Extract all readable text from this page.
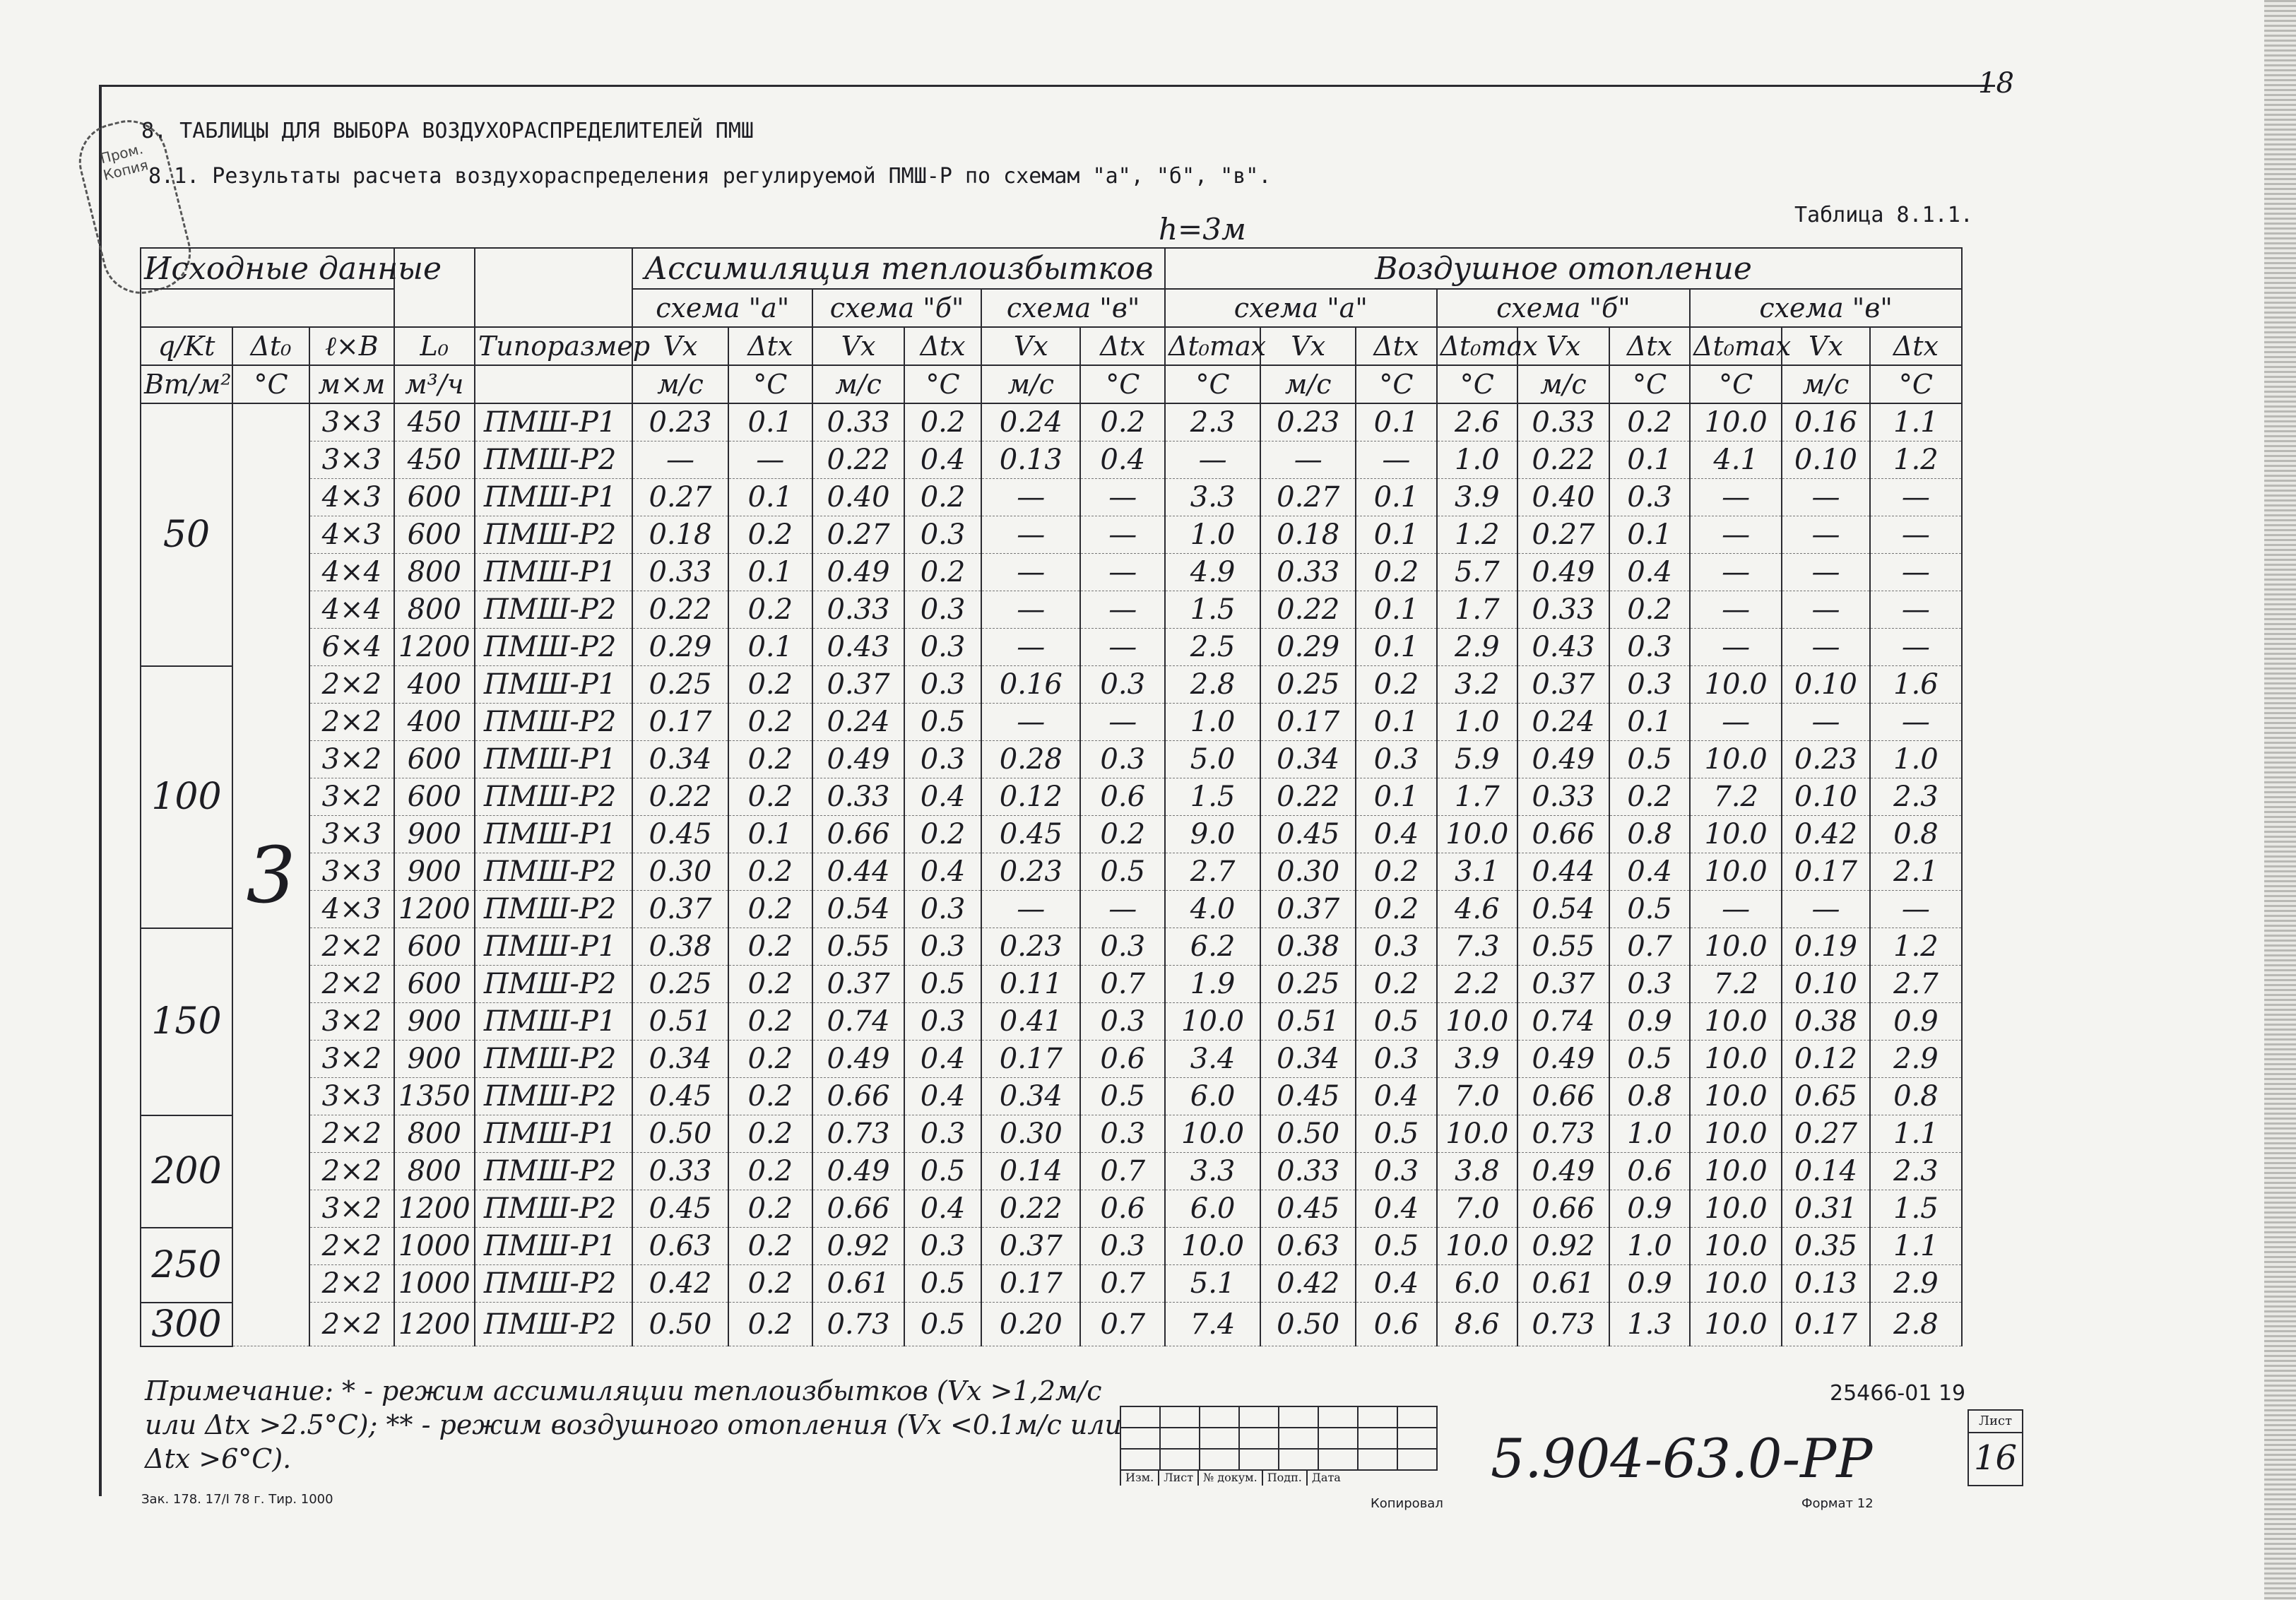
18
Пром. Копия
8. ТАБЛИЦЫ ДЛЯ ВЫБОРА ВОЗДУХОРАСПРЕДЕЛИТЕЛЕЙ ПМШ
8.1. Результаты расчета воздухораспределения регулируемой ПМШ-Р по схемам "а", "б", "в".
Таблица 8.1.1.
h=3м
Исходные данные					Ассимиляция теплоизбытков						Воздушное отопление								
					схема "а"		схема "б"		схема "в"		схема "а"			схема "б"			схема "в"		
q/Kt	Δt₀	ℓ×B	L₀	Типоразмер	Vx	Δtx	Vx	Δtx	Vx	Δtx	Δt₀max	Vx	Δtx	Δt₀max	Vx	Δtx	Δt₀max	Vx	Δtx
Вт/м²	°C	м×м	м³/ч		м/с	°C	м/с	°C	м/с	°C	°C	м/с	°C	°C	м/с	°C	°C	м/с	°C
50	3	3×3	450	ПМШ-Р1	0.23	0.1	0.33	0.2	0.24	0.2	2.3	0.23	0.1	2.6	0.33	0.2	10.0	0.16	1.1
		3×3	450	ПМШ-Р2	—	—	0.22	0.4	0.13	0.4	—	—	—	1.0	0.22	0.1	4.1	0.10	1.2
		4×3	600	ПМШ-Р1	0.27	0.1	0.40	0.2	—	—	3.3	0.27	0.1	3.9	0.40	0.3	—	—	—
		4×3	600	ПМШ-Р2	0.18	0.2	0.27	0.3	—	—	1.0	0.18	0.1	1.2	0.27	0.1	—	—	—
		4×4	800	ПМШ-Р1	0.33	0.1	0.49	0.2	—	—	4.9	0.33	0.2	5.7	0.49	0.4	—	—	—
		4×4	800	ПМШ-Р2	0.22	0.2	0.33	0.3	—	—	1.5	0.22	0.1	1.7	0.33	0.2	—	—	—
		6×4	1200	ПМШ-Р2	0.29	0.1	0.43	0.3	—	—	2.5	0.29	0.1	2.9	0.43	0.3	—	—	—
100		2×2	400	ПМШ-Р1	0.25	0.2	0.37	0.3	0.16	0.3	2.8	0.25	0.2	3.2	0.37	0.3	10.0	0.10	1.6
		2×2	400	ПМШ-Р2	0.17	0.2	0.24	0.5	—	—	1.0	0.17	0.1	1.0	0.24	0.1	—	—	—
		3×2	600	ПМШ-Р1	0.34	0.2	0.49	0.3	0.28	0.3	5.0	0.34	0.3	5.9	0.49	0.5	10.0	0.23	1.0
		3×2	600	ПМШ-Р2	0.22	0.2	0.33	0.4	0.12	0.6	1.5	0.22	0.1	1.7	0.33	0.2	7.2	0.10	2.3
		3×3	900	ПМШ-Р1	0.45	0.1	0.66	0.2	0.45	0.2	9.0	0.45	0.4	10.0	0.66	0.8	10.0	0.42	0.8
		3×3	900	ПМШ-Р2	0.30	0.2	0.44	0.4	0.23	0.5	2.7	0.30	0.2	3.1	0.44	0.4	10.0	0.17	2.1
		4×3	1200	ПМШ-Р2	0.37	0.2	0.54	0.3	—	—	4.0	0.37	0.2	4.6	0.54	0.5	—	—	—
150		2×2	600	ПМШ-Р1	0.38	0.2	0.55	0.3	0.23	0.3	6.2	0.38	0.3	7.3	0.55	0.7	10.0	0.19	1.2
		2×2	600	ПМШ-Р2	0.25	0.2	0.37	0.5	0.11	0.7	1.9	0.25	0.2	2.2	0.37	0.3	7.2	0.10	2.7
		3×2	900	ПМШ-Р1	0.51	0.2	0.74	0.3	0.41	0.3	10.0	0.51	0.5	10.0	0.74	0.9	10.0	0.38	0.9
		3×2	900	ПМШ-Р2	0.34	0.2	0.49	0.4	0.17	0.6	3.4	0.34	0.3	3.9	0.49	0.5	10.0	0.12	2.9
		3×3	1350	ПМШ-Р2	0.45	0.2	0.66	0.4	0.34	0.5	6.0	0.45	0.4	7.0	0.66	0.8	10.0	0.65	0.8
200		2×2	800	ПМШ-Р1	0.50	0.2	0.73	0.3	0.30	0.3	10.0	0.50	0.5	10.0	0.73	1.0	10.0	0.27	1.1
		2×2	800	ПМШ-Р2	0.33	0.2	0.49	0.5	0.14	0.7	3.3	0.33	0.3	3.8	0.49	0.6	10.0	0.14	2.3
		3×2	1200	ПМШ-Р2	0.45	0.2	0.66	0.4	0.22	0.6	6.0	0.45	0.4	7.0	0.66	0.9	10.0	0.31	1.5
250		2×2	1000	ПМШ-Р1	0.63	0.2	0.92	0.3	0.37	0.3	10.0	0.63	0.5	10.0	0.92	1.0	10.0	0.35	1.1
		2×2	1000	ПМШ-Р2	0.42	0.2	0.61	0.5	0.17	0.7	5.1	0.42	0.4	6.0	0.61	0.9	10.0	0.13	2.9
300		2×2	1200	ПМШ-Р2	0.50	0.2	0.73	0.5	0.20	0.7	7.4	0.50	0.6	8.6	0.73	1.3	10.0	0.17	2.8
Примечание: * - режим ассимиляции теплоизбытков (Vx >1,2м/с или Δtx >2.5°C); ** - режим воздушного отопления (Vx <0.1м/с или Δtx >6°C).

Изм. Лист № докум. Подп. Дата
25466-01 19
5.904-63.0-РР
Лист
16
Зак. 178. 17/I 78 г. Тир. 1000	Копировал	Формат 12
